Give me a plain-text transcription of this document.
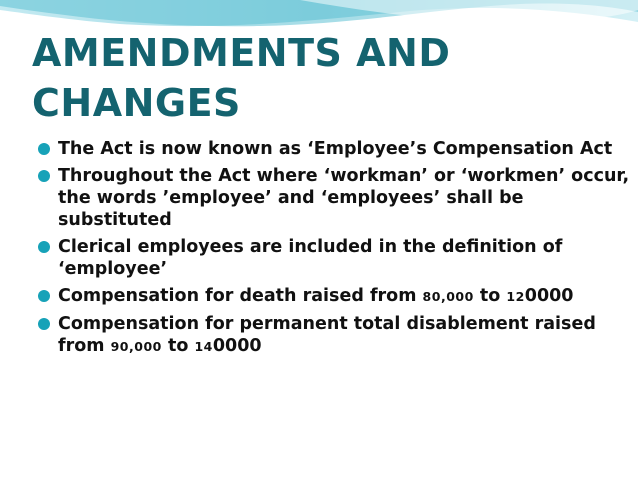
AMENDMENTS AND
CHANGES
The Act is now known as ‘Employee’s Compensation Act
Throughout the Act where ‘workman’ or ‘workmen’ occur, the words ’employee’ and ‘employees’ shall be substituted
Clerical employees are included in the definition of ‘employee’
Compensation for death raised from 80,000 to 120000
Compensation for permanent total disablement raised from 90,000 to 140000
